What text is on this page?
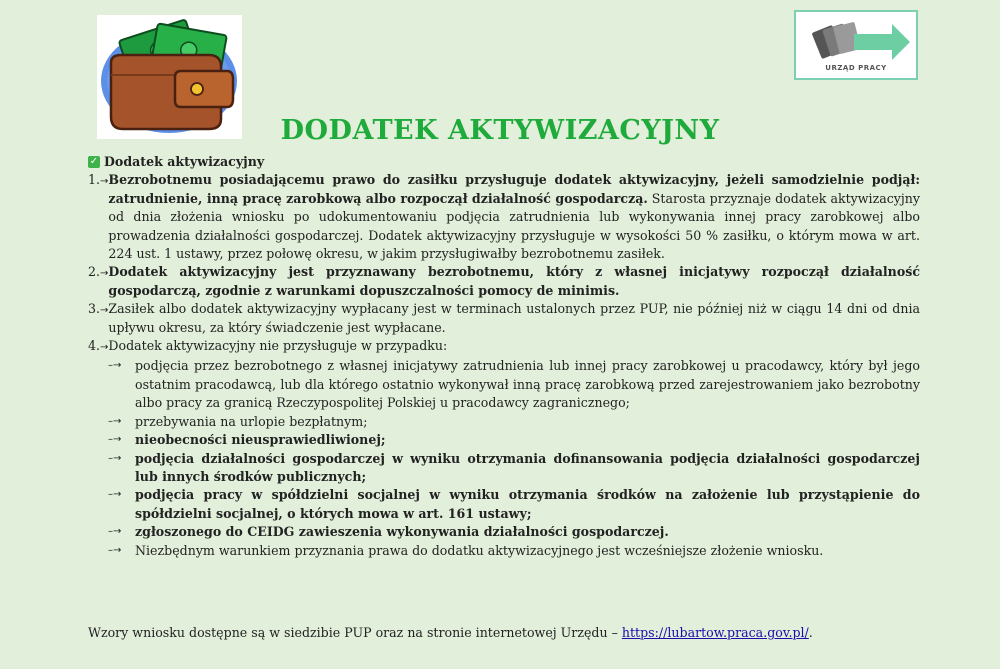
URZĄD PRACY
DODATEK AKTYWIZACYJNY
✓ Dodatek aktywizacyjny
1.→ Bezrobotnemu posiadającemu prawo do zasiłku przysługuje dodatek aktywizacyjny, jeżeli samodzielnie podjął: zatrudnienie, inną pracę zarobkową albo rozpoczął działalność gospodarczą. Starosta przyznaje dodatek aktywizacyjny od dnia złożenia wniosku po udokumentowaniu podjęcia zatrudnienia lub wykonywania innej pracy zarobkowej albo prowadzenia działalności gospodarczej. Dodatek aktywizacyjny przysługuje w wysokości 50 % zasiłku, o którym mowa w art. 224 ust. 1 ustawy, przez połowę okresu, w jakim przysługiwałby bezrobotnemu zasiłek.
2.→ Dodatek aktywizacyjny jest przyznawany bezrobotnemu, który z własnej inicjatywy rozpoczął działalność gospodarczą, zgodnie z warunkami dopuszczalności pomocy de minimis.
3.→ Zasiłek albo dodatek aktywizacyjny wypłacany jest w terminach ustalonych przez PUP, nie później niż w ciągu 14 dni od dnia upływu okresu, za który świadczenie jest wypłacane.
4.→ Dodatek aktywizacyjny nie przysługuje w przypadku:
–→	podjęcia przez bezrobotnego z własnej inicjatywy zatrudnienia lub innej pracy zarobkowej u pracodawcy, który był jego ostatnim pracodawcą, lub dla którego ostatnio wykonywał inną pracę zarobkową przed zarejestrowaniem jako bezrobotny albo pracy za granicą Rzeczypospolitej Polskiej u pracodawcy zagranicznego;
–→	przebywania na urlopie bezpłatnym;
–→	nieobecności nieusprawiedliwionej;
–→	podjęcia działalności gospodarczej w wyniku otrzymania dofinansowania podjęcia działalności gospodarczej lub innych środków publicznych;
–→	podjęcia pracy w spółdzielni socjalnej w wyniku otrzymania środków na założenie lub przystąpienie do spółdzielni socjalnej, o których mowa w art. 161 ustawy;
–→	zgłoszonego do CEIDG zawieszenia wykonywania działalności gospodarczej.
–→	Niezbędnym warunkiem przyznania prawa do dodatku aktywizacyjnego jest wcześniejsze złożenie wniosku.
Wzory wniosku dostępne są w siedzibie PUP oraz na stronie internetowej Urzędu – https://lubartow.praca.gov.pl/.
